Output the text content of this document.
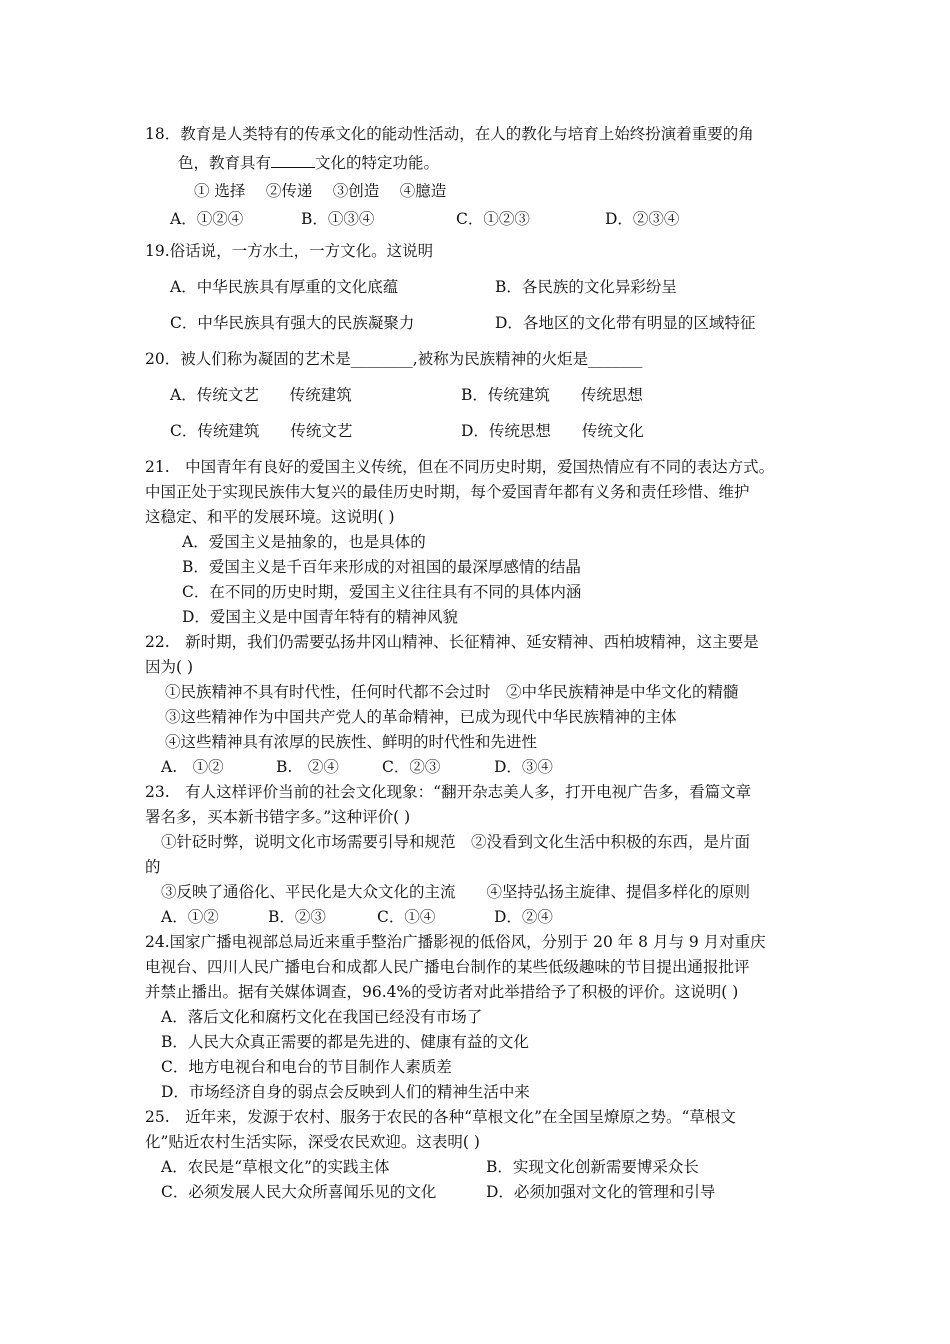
18．教育是人类特有的传承文化的能动性活动，在人的教化与培育上始终扮演着重要的角
色，教育具有	文化的特定功能。
① 选择　 ②传递　 ③创造　 ④臆造
A．①②④	B．①③④	C．①②③	D．②③④
19.俗话说，一方水土，一方文化。这说明
A．中华民族具有厚重的文化底蕴	B．各民族的文化异彩纷呈
C．中华民族具有强大的民族凝聚力	D．各地区的文化带有明显的区域特征
20．被人们称为凝固的艺术是________,被称为民族精神的火炬是_______
A．传统文艺　　传统建筑	B．传统建筑　　传统思想
C．传统建筑　　传统文艺	D．传统思想　　传统文化
21.　中国青年有良好的爱国主义传统，但在不同历史时期，爱国热情应有不同的表达方式。
中国正处于实现民族伟大复兴的最佳历史时期，每个爱国青年都有义务和责任珍惜、维护
这稳定、和平的发展环境。这说明( )
A．爱国主义是抽象的，也是具体的
B．爱国主义是千百年来形成的对祖国的最深厚感情的结晶
C．在不同的历史时期，爱国主义往往具有不同的具体内涵
D．爱国主义是中国青年特有的精神风貌
22.　新时期，我们仍需要弘扬井冈山精神、长征精神、延安精神、西柏坡精神，这主要是
因为( )
①民族精神不具有时代性，任何时代都不会过时　②中华民族精神是中华文化的精髓
③这些精神作为中国共产党人的革命精神，已成为现代中华民族精神的主体
④这些精神具有浓厚的民族性、鲜明的时代性和先进性
A.　①②	B.　②④	C．②③	D．③④
23.　有人这样评价当前的社会文化现象：“翻开杂志美人多，打开电视广告多，看篇文章
署名多，买本新书错字多。”这种评价( )
①针砭时弊，说明文化市场需要引导和规范　②没看到文化生活中积极的东西，是片面
的
③反映了通俗化、平民化是大众文化的主流　　④坚持弘扬主旋律、提倡多样化的原则
A．①②	B．②③	C．①④	D．②④
24.国家广播电视部总局近来重手整治广播影视的低俗风，分别于 20 年 8 月与 9 月对重庆
电视台、四川人民广播电台和成都人民广播电台制作的某些低级趣味的节目提出通报批评
并禁止播出。据有关媒体调查，96.4%的受访者对此举措给予了积极的评价。这说明( )
A．落后文化和腐朽文化在我国已经没有市场了
B．人民大众真正需要的都是先进的、健康有益的文化
C．地方电视台和电台的节目制作人素质差
D．市场经济自身的弱点会反映到人们的精神生活中来
25.　近年来，发源于农村、服务于农民的各种“草根文化”在全国呈燎原之势。“草根文
化”贴近农村生活实际，深受农民欢迎。这表明( )
A．农民是“草根文化”的实践主体	B．实现文化创新需要博采众长
C．必须发展人民大众所喜闻乐见的文化	D．必须加强对文化的管理和引导
